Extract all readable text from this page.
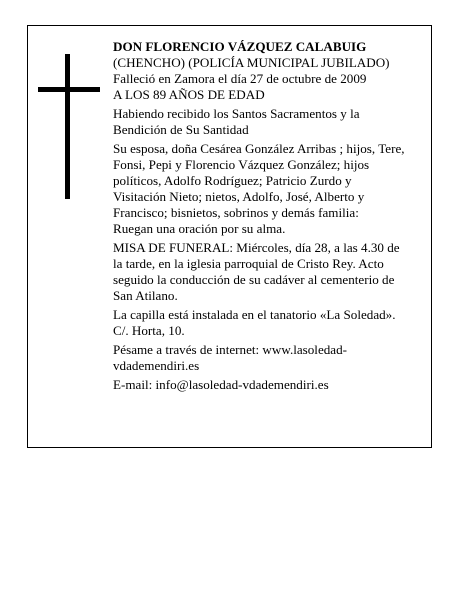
DON FLORENCIO VÁZQUEZ CALABUIG

(CHENCHO) (POLICÍA MUNICIPAL JUBILADO)

Falleció en Zamora el día 27 de octubre de 2009

A LOS 89 AÑOS DE EDAD

Habiendo recibido los Santos Sacramentos y la

Bendición de Su Santidad

Su esposa, doña Cesárea González Arribas ; hijos, Tere,

Fonsi, Pepi y Florencio Vázquez González; hijos

políticos, Adolfo Rodríguez; Patricio Zurdo y

Visitación Nieto; nietos, Adolfo, José, Alberto y

Francisco; bisnietos, sobrinos y demás familia:

Ruegan una oración por su alma.

MISA DE FUNERAL: Miércoles, día 28, a las 4.30 de

la tarde, en la iglesia parroquial de Cristo Rey. Acto

seguido la conducción de su cadáver al cementerio de

San Atilano.

La capilla está instalada en el tanatorio «La Soledad».

C/. Horta, 10.

Pésame a través de internet: www.lasoledad-

vdademendiri.es

E-mail: info@lasoledad-vdademendiri.es
